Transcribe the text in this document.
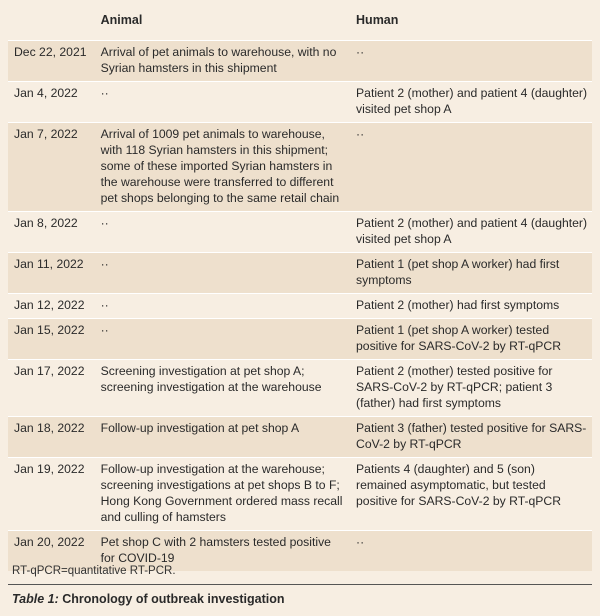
	Animal	Human
Dec 22, 2021	Arrival of pet animals to warehouse, with no Syrian hamsters in this shipment	··
Jan 4, 2022	··	Patient 2 (mother) and patient 4 (daughter) visited pet shop A
Jan 7, 2022	Arrival of 1009 pet animals to warehouse, with 118 Syrian hamsters in this shipment; some of these imported Syrian hamsters in the warehouse were transferred to different pet shops belonging to the same retail chain	··
Jan 8, 2022	··	Patient 2 (mother) and patient 4 (daughter) visited pet shop A
Jan 11, 2022	··	Patient 1 (pet shop A worker) had first symptoms
Jan 12, 2022	··	Patient 2 (mother) had first symptoms
Jan 15, 2022	··	Patient 1 (pet shop A worker) tested positive for SARS-CoV-2 by RT-qPCR
Jan 17, 2022	Screening investigation at pet shop A; screening investigation at the warehouse	Patient 2 (mother) tested positive for SARS-CoV-2 by RT-qPCR; patient 3 (father) had first symptoms
Jan 18, 2022	Follow-up investigation at pet shop A	Patient 3 (father) tested positive for SARS-CoV-2 by RT-qPCR
Jan 19, 2022	Follow-up investigation at the warehouse; screening investigations at pet shops B to F; Hong Kong Government ordered mass recall and culling of hamsters	Patients 4 (daughter) and 5 (son) remained asymptomatic, but tested positive for SARS-CoV-2 by RT-qPCR
Jan 20, 2022	Pet shop C with 2 hamsters tested positive for COVID-19	··
RT-qPCR=quantitative RT-PCR.
Table 1: Chronology of outbreak investigation
